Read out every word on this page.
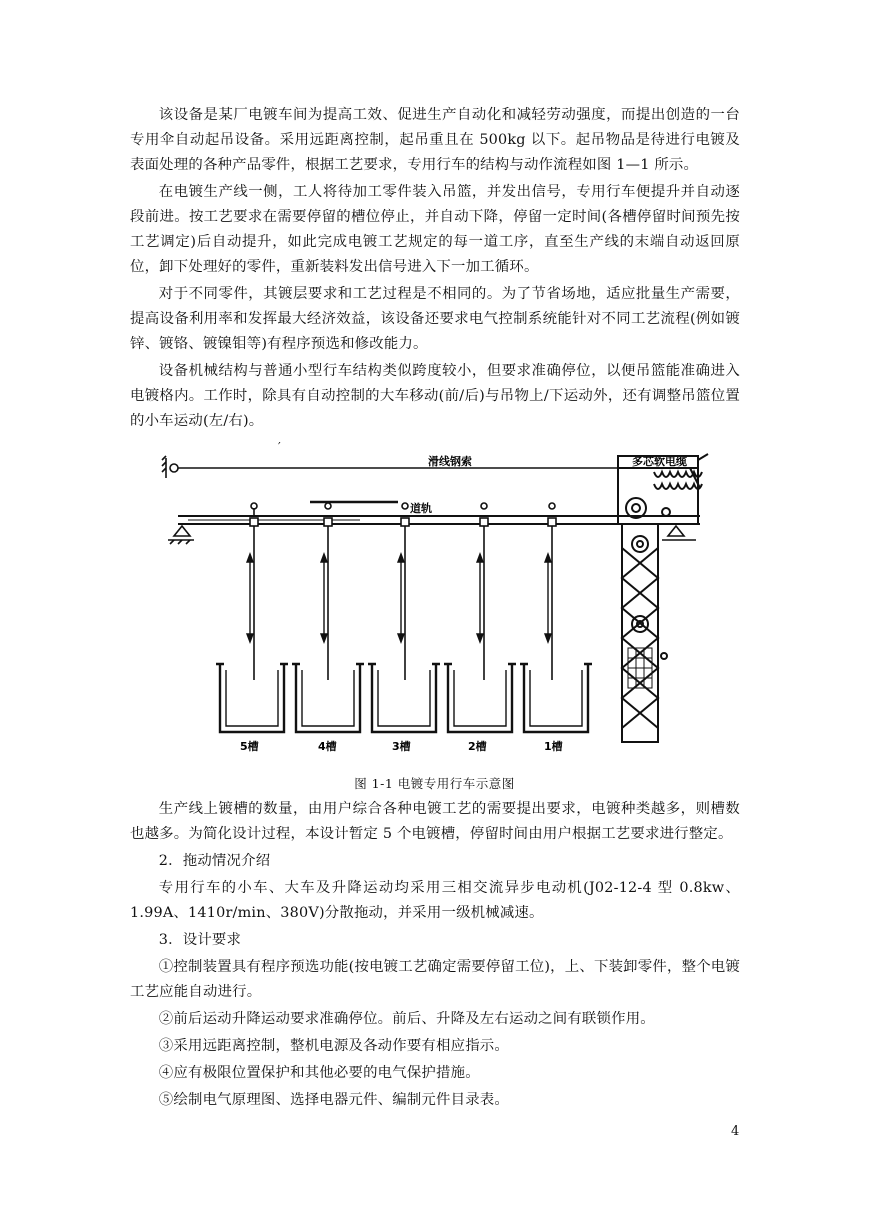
该设备是某厂电镀车间为提高工效、促进生产自动化和减轻劳动强度，而提出创造的一台专用伞自动起吊设备。采用远距离控制，起吊重且在 500kg 以下。起吊物品是待进行电镀及表面处理的各种产品零件，根据工艺要求，专用行车的结构与动作流程如图 1—1 所示。

在电镀生产线一侧，工人将待加工零件装入吊篮，并发出信号，专用行车便提升并自动逐段前进。按工艺要求在需要停留的槽位停止，并自动下降，停留一定时间(各槽停留时间预先按工艺调定)后自动提升，如此完成电镀工艺规定的每一道工序，直至生产线的末端自动返回原位，卸下处理好的零件，重新装料发出信号进入下一加工循环。

对于不同零件，其镀层要求和工艺过程是不相同的。为了节省场地，适应批量生产需要，提高设备利用率和发挥最大经济效益，该设备还要求电气控制系统能针对不同工艺流程(例如镀锌、镀铬、镀镍钼等)有程序预选和修改能力。

设备机械结构与普通小型行车结构类似跨度较小，但要求准确停位，以便吊篮能准确进入电镀格内。工作时，除具有自动控制的大车移动(前/后)与吊物上/下运动外，还有调整吊篮位置的小车运动(左/右)。

′
滑线钢索	多芯软电缆
道轨
5槽	4槽	3槽	2槽	1槽
图 1-1 电镀专用行车示意图

生产线上镀槽的数量，由用户综合各种电镀工艺的需要提出要求，电镀种类越多，则槽数也越多。为简化设计过程，本设计暂定 5 个电镀槽，停留时间由用户根据工艺要求进行整定。

2．拖动情况介绍

专用行车的小车、大车及升降运动均采用三相交流异步电动机(J02-12-4 型 0.8kw、1.99A、1410r/min、380V)分散拖动，并采用一级机械减速。

3．设计要求

①控制装置具有程序预选功能(按电镀工艺确定需要停留工位)，上、下装卸零件，整个电镀工艺应能自动进行。

②前后运动升降运动要求准确停位。前后、升降及左右运动之间有联锁作用。

③采用远距离控制，整机电源及各动作要有相应指示。

④应有极限位置保护和其他必要的电气保护措施。

⑤绘制电气原理图、选择电器元件、编制元件目录表。

4
